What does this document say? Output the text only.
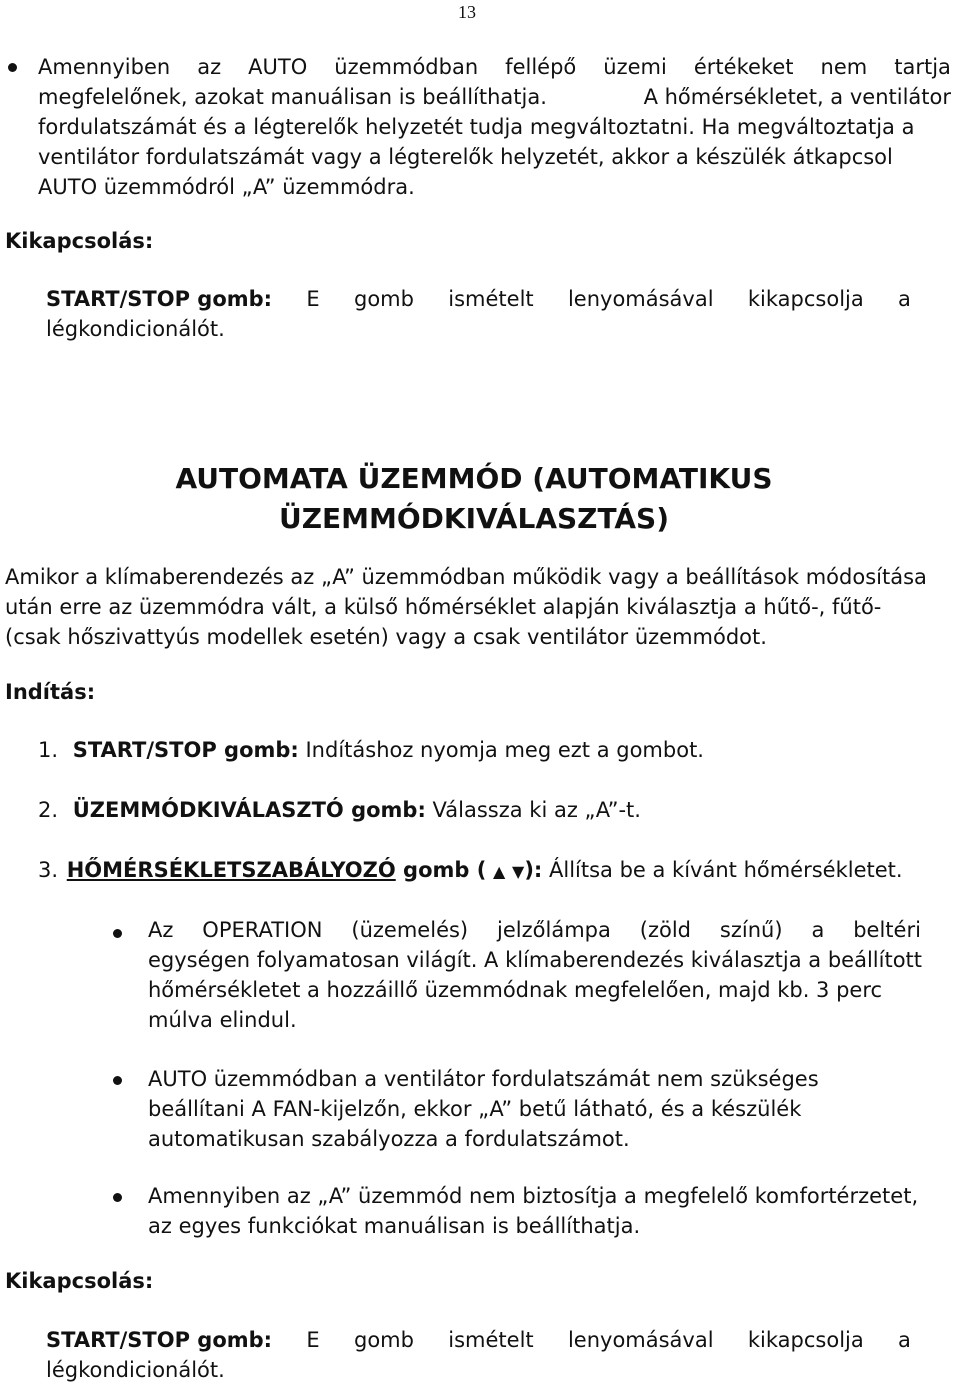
13
Amennyiben az AUTO üzemmódban fellépő üzemi értékeket nem tartja
megfelelőnek, azokat manuálisan is beállíthatja.	A hőmérsékletet, a ventilátor
fordulatszámát és a légterelők helyzetét tudja megváltoztatni. Ha megváltoztatja a
ventilátor fordulatszámát vagy a légterelők helyzetét, akkor a készülék átkapcsol
AUTO üzemmódról „A” üzemmódra.
Kikapcsolás:
START/STOP gomb: E gomb ismételt lenyomásával kikapcsolja a
légkondicionálót.
AUTOMATA ÜZEMMÓD (AUTOMATIKUS
ÜZEMMÓDKIVÁLASZTÁS)
Amikor a klímaberendezés az „A” üzemmódban működik vagy a beállítások módosítása
után erre az üzemmódra vált, a külső hőmérséklet alapján kiválasztja a hűtő-, fűtő-
(csak hőszivattyús modellek esetén) vagy a csak ventilátor üzemmódot.
Indítás:
1. START/STOP gomb: Indításhoz nyomja meg ezt a gombot.
2. ÜZEMMÓDKIVÁLASZTÓ gomb: Válassza ki az „A”-t.
3. HŐMÉRSÉKLETSZABÁLYOZÓ gomb ( ▲ ▼): Állítsa be a kívánt hőmérsékletet.
Az OPERATION (üzemelés) jelzőlámpa (zöld színű) a beltéri
egységen folyamatosan világít. A klímaberendezés kiválasztja a beállított
hőmérsékletet a hozzáillő üzemmódnak megfelelően, majd kb. 3 perc
múlva elindul.
AUTO üzemmódban a ventilátor fordulatszámát nem szükséges
beállítani A FAN-kijelzőn, ekkor „A” betű látható, és a készülék
automatikusan szabályozza a fordulatszámot.
Amennyiben az „A” üzemmód nem biztosítja a megfelelő komfortérzetet,
az egyes funkciókat manuálisan is beállíthatja.
Kikapcsolás:
START/STOP gomb: E gomb ismételt lenyomásával kikapcsolja a
légkondicionálót.
